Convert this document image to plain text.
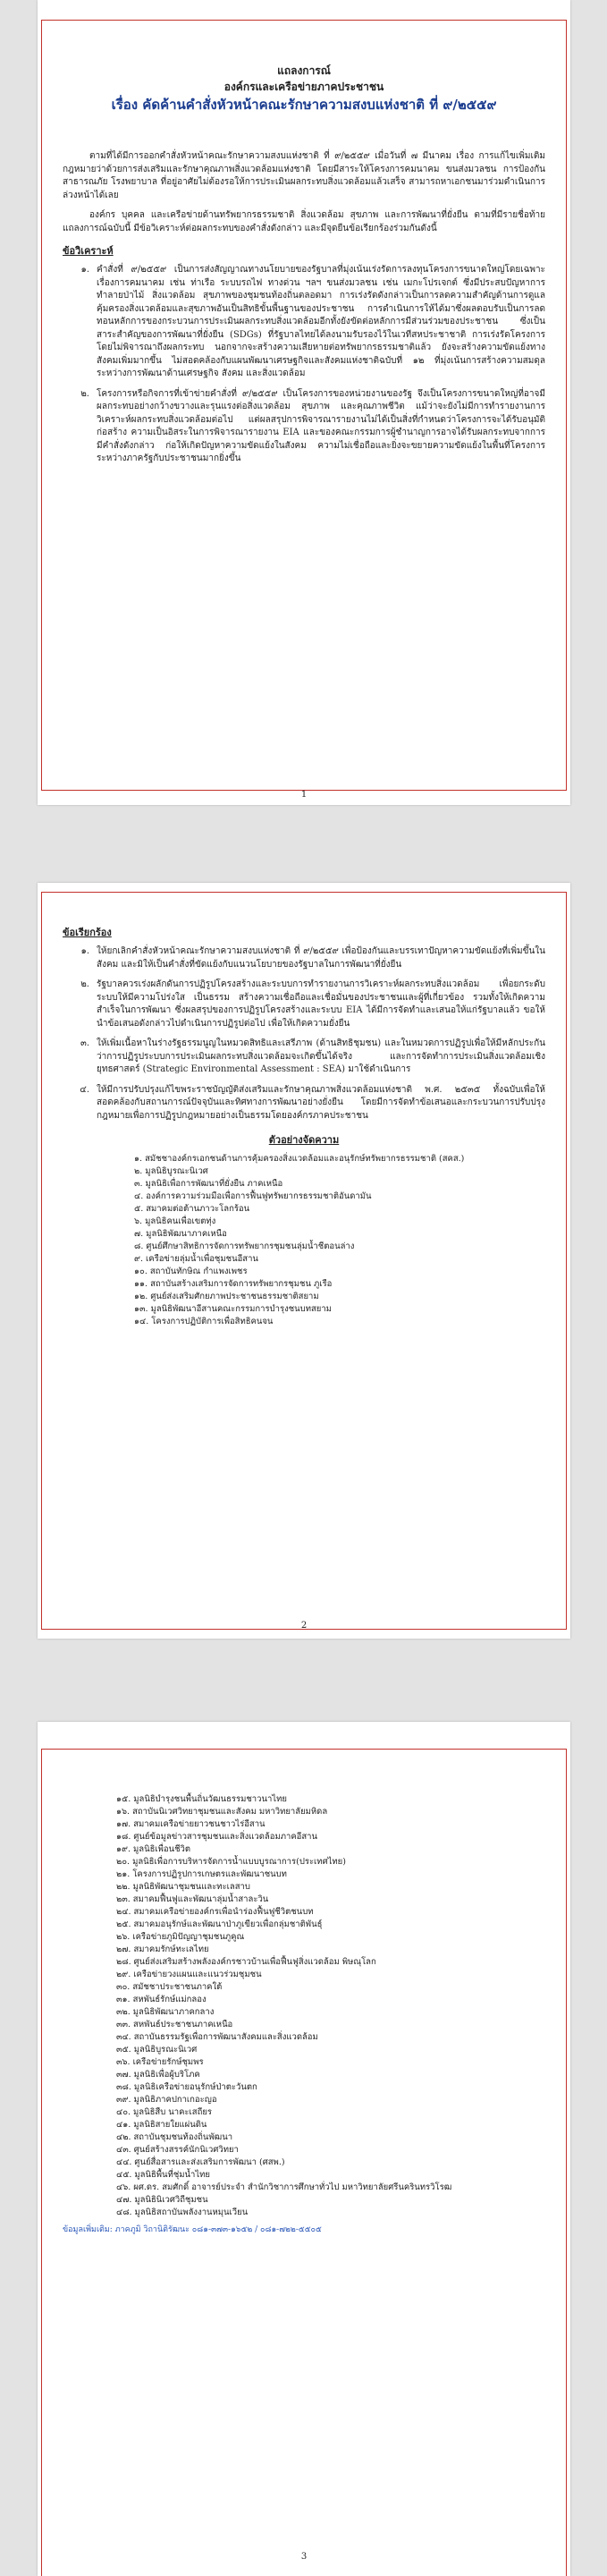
แถลงการณ์
องค์กรและเครือข่ายภาคประชาชน
เรื่อง คัดค้านคำสั่งหัวหน้าคณะรักษาความสงบแห่งชาติ ที่ ๙/๒๕๕๙

ตามที่ได้มีการออกคำสั่งหัวหน้าคณะรักษาความสงบแห่งชาติ ที่ ๙/๒๕๕๙ เมื่อวันที่ ๗ มีนาคม เรื่อง การแก้ไขเพิ่มเติมกฎหมายว่าด้วยการส่งเสริมและรักษาคุณภาพสิ่งแวดล้อมแห่งชาติ โดยมีสาระให้โครงการคมนาคม ขนส่งมวลชน การป้องกันสาธารณภัย โรงพยาบาล ที่อยู่อาศัยไม่ต้องรอให้การประเมินผลกระทบสิ่งแวดล้อมแล้วเสร็จ สามารถหาเอกชนมาร่วมดำเนินการล่วงหน้าได้เลย

องค์กร บุคคล และเครือข่ายด้านทรัพยากรธรรมชาติ สิ่งแวดล้อม สุขภาพ และการพัฒนาที่ยั่งยืน ตามที่มีรายชื่อท้ายแถลงการณ์ฉบับนี้ มีข้อวิเคราะห์ต่อผลกระทบของคำสั่งดังกล่าว และมีจุดยืนข้อเรียกร้องร่วมกันดังนี้

ข้อวิเคราะห์
๑. คำสั่งที่ ๙/๒๕๕๙ เป็นการส่งสัญญาณทางนโยบายของรัฐบาลที่มุ่งเน้นเร่งรัดการลงทุนโครงการขนาดใหญ่โดยเฉพาะเรื่องการคมนาคม เช่น ท่าเรือ ระบบรถไฟ ทางด่วน ฯลฯ ขนส่งมวลชน เช่น เมกะโปรเจกต์ ซึ่งมีประสบปัญหาการทำลายป่าไม้ สิ่งแวดล้อม สุขภาพของชุมชนท้องถิ่นตลอดมา การเร่งรัดดังกล่าวเป็นการลดความสำคัญด้านการดูแลคุ้มครองสิ่งแวดล้อมและสุขภาพอันเป็นสิทธิขั้นพื้นฐานของประชาชน การดำเนินการให้ได้มาซึ่งผลตอบรับเป็นการลดทอนหลักการของกระบวนการประเมินผลกระทบสิ่งแวดล้อมอีกทั้งยังขัดต่อหลักการมีส่วนร่วมของประชาชน ซึ่งเป็นสาระสำคัญของการพัฒนาที่ยั่งยืน (SDGs) ที่รัฐบาลไทยได้ลงนามรับรองไว้ในเวทีสหประชาชาติ การเร่งรัดโครงการโดยไม่พิจารณาถึงผลกระทบ นอกจากจะสร้างความเสียหายต่อทรัพยากรธรรมชาติแล้ว ยังจะสร้างความขัดแย้งทางสังคมเพิ่มมากขึ้น ไม่สอดคล้องกับแผนพัฒนาเศรษฐกิจและสังคมแห่งชาติฉบับที่ ๑๒ ที่มุ่งเน้นการสร้างความสมดุลระหว่างการพัฒนาด้านเศรษฐกิจ สังคม และสิ่งแวดล้อม
๒. โครงการหรือกิจการที่เข้าข่ายคำสั่งที่ ๙/๒๕๕๙ เป็นโครงการของหน่วยงานของรัฐ จึงเป็นโครงการขนาดใหญ่ที่อาจมีผลกระทบอย่างกว้างขวางและรุนแรงต่อสิ่งแวดล้อม สุขภาพ และคุณภาพชีวิต แม้ว่าจะยังไม่มีการทำรายงานการวิเคราะห์ผลกระทบสิ่งแวดล้อมต่อไป แต่ผลสรุปการพิจารณารายงานไม่ได้เป็นสิ่งที่กำหนดว่าโครงการจะได้รับอนุมัติก่อสร้าง ความเป็นอิสระในการพิจารณารายงาน EIA และของคณะกรรมการผู้ชำนาญการอาจได้รับผลกระทบจากการมีคำสั่งดังกล่าว ก่อให้เกิดปัญหาความขัดแย้งในสังคม ความไม่เชื่อถือและยิ่งจะขยายความขัดแย้งในพื้นที่โครงการระหว่างภาครัฐกับประชาชนมากยิ่งขึ้น
1
ข้อเรียกร้อง
๑. ให้ยกเลิกคำสั่งหัวหน้าคณะรักษาความสงบแห่งชาติ ที่ ๙/๒๕๕๙ เพื่อป้องกันและบรรเทาปัญหาความขัดแย้งที่เพิ่มขึ้นในสังคม และมิให้เป็นคำสั่งที่ขัดแย้งกับแนวนโยบายของรัฐบาลในการพัฒนาที่ยั่งยืน
๒. รัฐบาลควรเร่งผลักดันการปฏิรูปโครงสร้างและระบบการทำรายงานการวิเคราะห์ผลกระทบสิ่งแวดล้อม เพื่อยกระดับระบบให้มีความโปร่งใส เป็นธรรม สร้างความเชื่อถือและเชื่อมั่นของประชาชนและผู้ที่เกี่ยวข้อง รวมทั้งให้เกิดความสำเร็จในการพัฒนา ซึ่งผลสรุปของการปฏิรูปโครงสร้างและระบบ EIA ได้มีการจัดทำและเสนอให้แก่รัฐบาลแล้ว ขอให้นำข้อเสนอดังกล่าวไปดำเนินการปฏิรูปต่อไป เพื่อให้เกิดความยั่งยืน
๓. ให้เพิ่มเนื้อหาในร่างรัฐธรรมนูญในหมวดสิทธิและเสรีภาพ (ด้านสิทธิชุมชน) และในหมวดการปฏิรูปเพื่อให้มีหลักประกันว่าการปฏิรูประบบการประเมินผลกระทบสิ่งแวดล้อมจะเกิดขึ้นได้จริง และการจัดทำการประเมินสิ่งแวดล้อมเชิงยุทธศาสตร์ (Strategic Environmental Assessment : SEA) มาใช้ดำเนินการ
๔. ให้มีการปรับปรุงแก้ไขพระราชบัญญัติส่งเสริมและรักษาคุณภาพสิ่งแวดล้อมแห่งชาติ พ.ศ. ๒๕๓๕ ทั้งฉบับเพื่อให้สอดคล้องกับสถานการณ์ปัจจุบันและทิศทางการพัฒนาอย่างยั่งยืน โดยมีการจัดทำข้อเสนอและกระบวนการปรับปรุงกฎหมายเพื่อการปฏิรูปกฎหมายอย่างเป็นธรรมโดยองค์กรภาคประชาชน
ตัวอย่างจัดความ

๑. สมัชชาองค์กรเอกชนด้านการคุ้มครองสิ่งแวดล้อมและอนุรักษ์ทรัพยากรธรรมชาติ (สคส.)

๒. มูลนิธิบูรณะนิเวศ

๓. มูลนิธิเพื่อการพัฒนาที่ยั่งยืน ภาคเหนือ

๔. องค์การความร่วมมือเพื่อการฟื้นฟูทรัพยากรธรรมชาติอันดามัน

๕. สมาคมต่อต้านภาวะโลกร้อน

๖. มูลนิธิคนเพื่อเขตทุ่ง

๗. มูลนิธิพัฒนาภาคเหนือ

๘. ศูนย์ศึกษาสิทธิการจัดการทรัพยากรชุมชนลุ่มน้ำชีตอนล่าง

๙. เครือข่ายลุ่มน้ำเพื่อชุมชนอีสาน

๑๐. สถาบันทักษิณ กำแพงเพชร

๑๑. สถาบันสร้างเสริมการจัดการทรัพยากรชุมชน ภูเรือ

๑๒. ศูนย์ส่งเสริมศักยภาพประชาชนธรรมชาติสยาม

๑๓. มูลนิธิพัฒนาอีสานคณะกรรมการบำรุงชนบทสยาม

๑๔. โครงการปฏิบัติการเพื่อสิทธิคนจน

2

๑๕. มูลนิธิบำรุงชนพื้นถิ่นวัฒนธรรมชาวนาไทย

๑๖. สถาบันนิเวศวิทยาชุมชนและสังคม มหาวิทยาลัยมหิดล

๑๗. สมาคมเครือข่ายยาวชนชาวไร่อีสาน

๑๘. ศูนย์ข้อมูลข่าวสารชุมชนและสิ่งแวดล้อมภาคอีสาน

๑๙. มูลนิธิเพื่อนชีวิต

๒๐. มูลนิธิเพื่อการบริหารจัดการน้ำแบบบูรณาการ(ประเทศไทย)

๒๑. โครงการปฏิรูปการเกษตรและพัฒนาชนบท

๒๒. มูลนิธิพัฒนาชุมชนและทะเลสาบ

๒๓. สมาคมฟื้นฟูและพัฒนาลุ่มน้ำสาละวิน

๒๔. สมาคมเครือข่ายองค์กรเพื่อนำร่องฟื้นฟูชีวิตชนบท

๒๕. สมาคมอนุรักษ์และพัฒนาป่าภูเขียวเพื่อกลุ่มชาติพันธุ์

๒๖. เครือข่ายภูมิปัญญาชุมชนภูคูณ

๒๗. สมาคมรักษ์ทะเลไทย

๒๘. ศูนย์ส่งเสริมสร้างพลังองค์กรชาวบ้านเพื่อฟื้นฟูสิ่งแวดล้อม พิษณุโลก

๒๙. เครือข่ายวงแผนและแนวร่วมชุมชน

๓๐. สมัชชาประชาชนภาคใต้

๓๑. สหพันธ์รักษ์แม่กลอง

๓๒. มูลนิธิพัฒนาภาคกลาง

๓๓. สหพันธ์ประชาชนภาคเหนือ

๓๔. สถาบันธรรมรัฐเพื่อการพัฒนาสังคมและสิ่งแวดล้อม

๓๕. มูลนิธิบูรณะนิเวศ

๓๖. เครือข่ายรักษ์ชุมพร

๓๗. มูลนิธิเพื่อผู้บริโภค

๓๘. มูลนิธิเครือข่ายอนุรักษ์ป่าตะวันตก

๓๙. มูลนิธิภาคปกาเกอะญอ

๔๐. มูลนิธิสืบ นาคะเสถียร

๔๑. มูลนิธิสายใยแผ่นดิน

๔๒. สถาบันชุมชนท้องถิ่นพัฒนา

๔๓. ศูนย์สร้างสรรค์นักนิเวศวิทยา

๔๔. ศูนย์สื่อสารและส่งเสริมการพัฒนา (ศสพ.)

๔๕. มูลนิธิพื้นที่ชุ่มน้ำไทย

๔๖. ผศ.ดร. สมศักดิ์ อาจารย์ประจำ สำนักวิชาการศึกษาทั่วไป มหาวิทยาลัยศรีนครินทรวิโรฒ

๔๗. มูลนิธินิเวศวิถีชุมชน

๔๘. มูลนิธิสถาบันพลังงานหมุนเวียน

ข้อมูลเพิ่มเติม: ภาคภูมิ วิถานิติรัฒนะ ๐๘๑-๓๗๓-๑๖๕๒ / ๐๘๑-๗๒๒-๕๕๐๕
3
